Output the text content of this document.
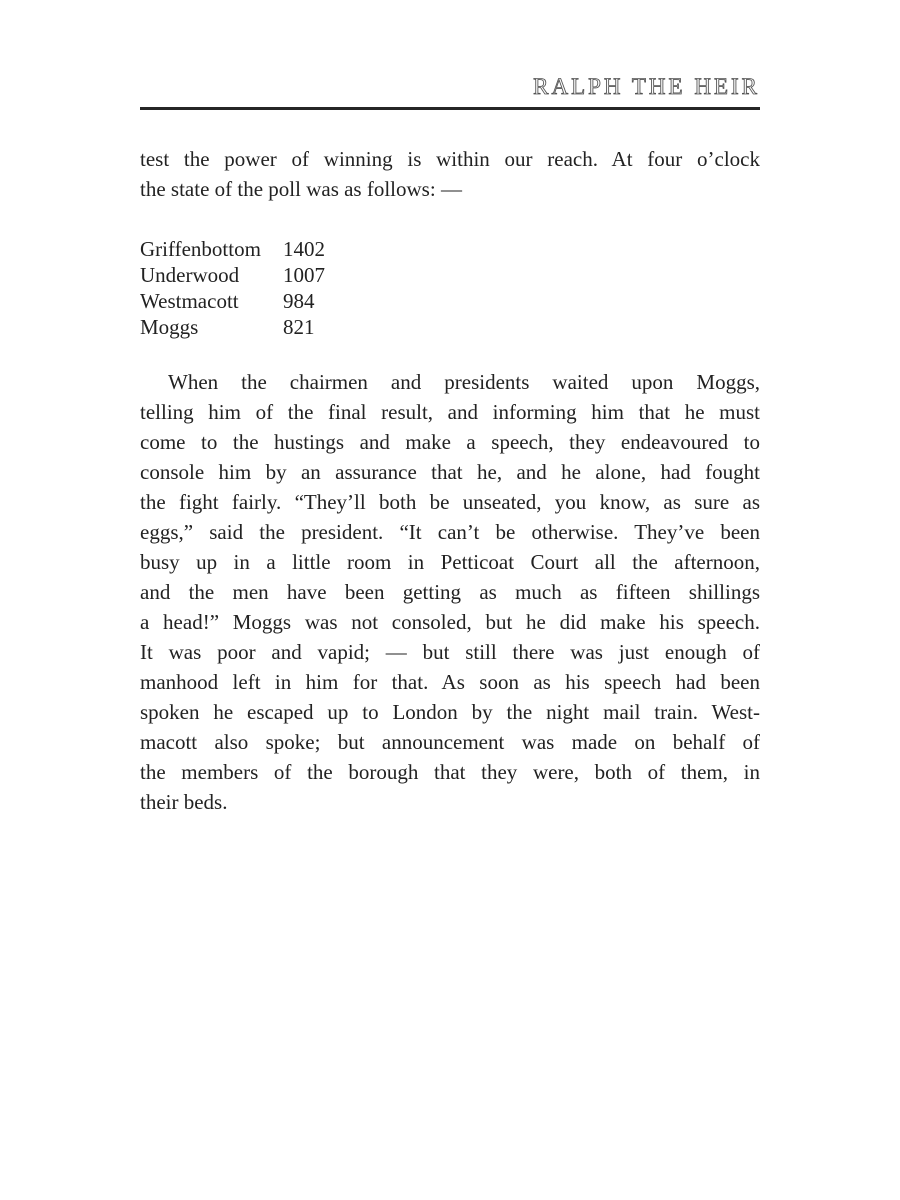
RALPH THE HEIR
test the power of winning is within our reach. At four o’clock
the state of the poll was as follows: —
Griffenbottom 1402
Underwood 1007
Westmacott 984
Moggs	821
When the chairmen and presidents waited upon Moggs,
telling him of the final result, and informing him that he must
come to the hustings and make a speech, they endeavoured to
console him by an assurance that he, and he alone, had fought
the fight fairly. “They’ll both be unseated, you know, as sure as
eggs,” said the president. “It can’t be otherwise. They’ve been
busy up in a little room in Petticoat Court all the afternoon,
and the men have been getting as much as fifteen shillings
a head!” Moggs was not consoled, but he did make his speech.
It was poor and vapid; — but still there was just enough of
manhood left in him for that. As soon as his speech had been
spoken he escaped up to London by the night mail train. West-
macott also spoke; but announcement was made on behalf of
the members of the borough that they were, both of them, in
their beds.
